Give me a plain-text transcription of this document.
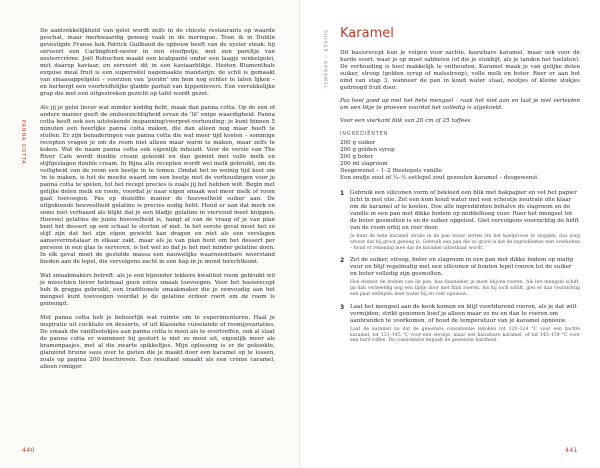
PANNA COTTA

De aantrekkelijkheid van gelei wordt zelfs in de chicste restaurants op waarde geschat, maar merkwaardig genoeg vaak in de meringue. Toen ik in Dublin gevestigde Franse kok Patrick Guilbaud de opbouw heeft van de oyster steak: hij serveert een Carlingford-oester in een stoofpotje, met een pareltje van oesterrcrème. Joël Robuchon maakt een krabpanté onder een laagje venkelgelei, met daarop kaviaar, en serveert dit in een kaviaarblikje. Heston Blumenthals exquise meal fruit is een superreëel nagemaakte mandarijn: de schil is gemaakt van sinaasappelgelei – voorzien van ‘poriën’ om hem nog echter te laten lijken – en herbergt een voortreffelijke gladde parfait van kippenlevers. Een verrukkelijke grap die met een uitgestreken gezicht op tafel wordt gezet.

Als jij je gelei liever wat minder koddig hebt, maak dan panna cotta. Op de een of andere manier geeft de ondoorzichtigheid ervan de ‘lil’ enige waardigheid. Panna cotta heeft ook een uitstekende inspanning/voorpret-verhouding: je kunt binnen 5 minuten een heerlijke panna cotta maken, die dan alleen nog maar hoeft te stollen. Er zijn benaderingen van panna cotta die wat meer tijd kosten – sommige recepten vragen je om de room niet alleen maar warm te maken, maar zelfs te koken. Wat de naam panna cotta ook eigenlijk inhoudt. Voor de versie van The River Cafe wordt double cream gekookt en dan gemixt met volle melk en stijfgeslagen double cream. In bijna alle recepten wordt wel melk gebruikt, om de veiligheid van de room een beetje in te tomen. Omdat het zo weinig tijd kost om ’m te maken, is het de moeite waard om een beetje met de verhoudingen voor je panna cotta te spelen, tot het recept precies is zoals jij het hebben wilt. Begin met gelijke delen melk en room, voordat je naar eigen smaak wat meer melk of room gaat toevoegen. Pas op dezelfde manier de hoeveelheid suiker aan. De uitgekiende hoeveelheid gelatine is precies nodig hebt. Houd er aan dat merk en soms niet verbaasd als blijkt dat je een bladje gelatine in viervoud meet knippen. Hoeveel gelatine de juiste hoeveelheid is, hangt af van de vraag of je van plan bent het dessert op een schaal te storten of niet. In het eerste geval moet het zo stijf zijn dat het zijn eigen gewicht kan dragen en niet als een verslagen aansoverinstalaar in elkaar zakt, maar als je van plan bent om het dessert per persoon in een glas te serveren, is het wel zo dat je het met minder gelatine doen. In elk geval moet de gestolde massa een nauwelijks waarneembare weerstand bieden aan de lepel, die vervolgens zacht in een hap in je mond terechtkomt.

Wat smaakmakers betreft: als je een bijzonder lekkere kwaliteit room gebruikt wil je misschien liever helemaal geen extra smaak toevoegen. Voor het basisrecept heb ik grappa gebruikt, een traditionele smaakmaker die je eenvoudig aan het mengsel kunt toevoegen voordat je de gelatine erdoor roert om de room is gemengd.

Met panna cotta heb je behoorlijk wat ruimte om te experimenteren. Haal je inspiratie uit cocktails en desserts, of uit klassieke cuiselande of roomijsvariaties. De smaak die vanillestokjes aan panna cotta is mooi als te overtreffen, ook al slaat de panna cotta er wannneer hij gestort is niet zo mooi uit, eigenlijk meer als kramenpasjes, met al die zwarte spikkeltjes. Mijn oplossing is er de gekookte, glanzend bruine saus over te gieten die je maakt door een karamel op te lossen, zoals op pagina 200 beschreven. Een resultaat smaakt als een crème caramel, alleen romiger.

440
SUIKER – KARAMEL Karamel

Dit basisrecept kun je volgen voor zachte, kauwbare karamel, maar ook voor de harde soort, waar je op moet sabbelen (of die je stukbijt, als je tanden het toelaten). De verhouding is heel makkelijk te onthouden. Karamel maak je van gelijke delen suiker, stroop (golden syrup of maïsstroop), volle melk en boter. Roer er aan het eind van stap 3, wanneer de pan in koud water staat, nootjes of kleine stukjes gedroogd fruit door.

Pas heel goed op met het hete mengsel – raak het niet aan en laat je niet verleiden om een likje te proeven voordat het volledig is afgekoeld.

Voor een vierkant blik van 20 cm of 25 toffees

INGREDIËNTEN
200 g suiker
200 g golden syrup
200 g boter
200 ml slagroom
Desgewenst – 1–2 theelepels vanille
Een snufje zout of ¼–½ eetlepel zout gezouten karamel – desgewenst
1 Gebruik een siliconen vorm of bekleed een blik met bakpapier en vet het papier licht in met olie. Zet een kom koud water met een scheutje neutrale olie klaar om de karamel af te koelen. Doe alle ingrediënten behalve de slagroom en de vanille in een pan met dikke bodem op middelhoog vuur. Roer het mengsel tot de boter gesmolten is en de suiker opgelost. Giet vervolgens voorzichtig de helft van de room erbij en roer door.
Je kunt de hete karamel straks in de pan water zetten om het koelproces te stoppen, dus zorg ervoor dat hij groot genoeg is. Gebruik een pan die zo groot is dat de ingrediënten niet overkoken – houd er rekening mee dat de karamel uitzetbaar wordt.
2 Zet de suiker, stroop, boter en slagroom in een pan met dikke bodem op matig vuur en blijf regelmatig met een siliconen of houten lepel roeren tot de suiker en boter volledig zijn gesmolten.
Hoe dunner de bodem van de pan, hoe fanatieker je moet blijven roeren. Als het mengsel schift, ga dan verbeeldig nog een tijdje door met flink roeren. Als hij toch schift, giet er dan voorzichtig een paar eetlepels heet water bij en roer opnieuw.
3 Laat het mengsel aan de kook komen en blijf voortdurend roeren, als je dat wilt vermijden: strikt genomen hoef je alleen maar zo nu en dan te roeren om aanbranden te voorkomen, of houd de temperatuur van je karamel opnieuw.
Laat de karamel na dat de gewenste consistentie inkoken tot 120–124 °C voor een zachte karamel, tot 131–145 °C voor een stevige, maar wel kauwbare karamel, of tot 145–154 °C voor een hard toffee. De consistentie bepaalt de gewenste hardheid.
441
